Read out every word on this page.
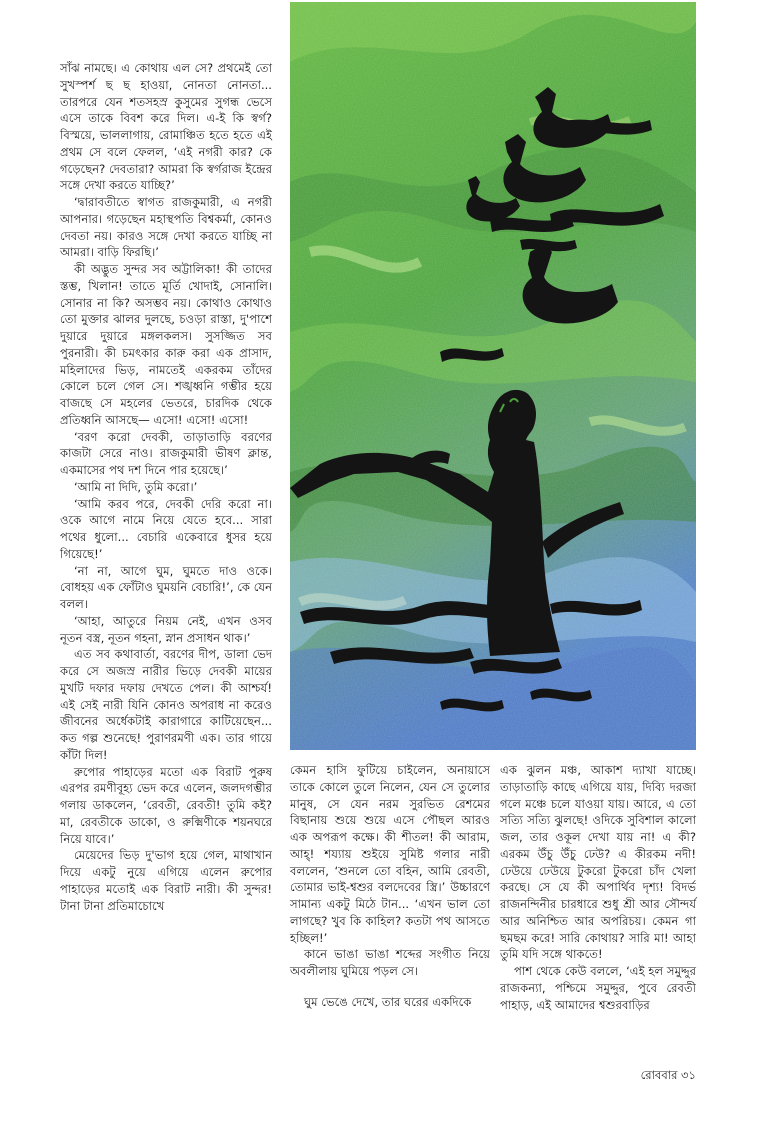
সাঁঝ নামছে। এ কোথায় এল সে? প্রথমেই তো সুখস্পর্শ ছ ছ হাওয়া, নোনতা নোনতা... তারপরে যেন শতসহস্র কুসুমের সুগন্ধ ভেসে এসে তাকে বিবশ করে দিল। এ-ই কি স্বর্গ? বিস্ময়ে, ভাললাগায়, রোমাঞ্চিত হতে হতে এই প্রথম সে বলে ফেলল, ‘এই নগরী কার? কে গড়েছেন? দেবতারা? আমরা কি স্বর্গরাজ ইন্দ্রের সঙ্গে দেখা করতে যাচ্ছি?’

‘দ্বারাবতীতে স্বাগত রাজকুমারী, এ নগরী আপনার। গড়েছেন মহাস্থপতি বিশ্বকর্মা, কোনও দেবতা নয়। কারও সঙ্গে দেখা করতে যাচ্ছি না আমরা। বাড়ি ফিরছি।’

কী অদ্ভুত সুন্দর সব অট্টালিকা! কী তাদের স্তম্ভ, খিলান! তাতে মূর্তি খোদাই, সোনালি। সোনার না কি? অসম্ভব নয়। কোথাও কোথাও তো মুক্তার ঝালর দুলছে, চওড়া রাস্তা, দু'পাশে দুয়ারে দুয়ারে মঙ্গলকলস। সুসজ্জিত সব পুরনারী। কী চমৎকার কারু করা এক প্রাসাদ, মহিলাদের ভিড়, নামতেই একরকম তাঁদের কোলে চলে গেল সে। শঙ্খধ্বনি গম্ভীর হয়ে বাজছে সে মহলের ভেতরে, চারদিক থেকে প্রতিধ্বনি আসছে— এসো! এসো! এসো!

‘বরণ করো দেবকী, তাড়াতাড়ি বরণের কাজটা সেরে নাও। রাজকুমারী ভীষণ ক্লান্ত, একমাসের পথ দশ দিনে পার হয়েছে।’

‘আমি না দিদি, তুমি করো।’

‘আমি করব পরে, দেবকী দেরি করো না। ওকে আগে নামে নিয়ে যেতে হবে... সারা পথের ধুলো... বেচারি একেবারে ধুসর হয়ে গিয়েছে!’

‘না না, আগে ঘুম, ঘুমতে দাও ওকে। বোধহয় এক ফোঁটাও ঘুময়নি বেচারি!’, কে যেন বলল।

‘আহা, আতুরে নিয়ম নেই, এখন ওসব নূতন বস্ত্র, নূতন গহনা, স্নান প্রসাধন থাক।’

এত সব কথাবার্তা, বরণের দীপ, ডালা ভেদ করে সে অজস্র নারীর ভিড়ে দেবকী মায়ের মুখটি দফার দফায় দেখতে পেল। কী আশ্চর্য! এই সেই নারী যিনি কোনও অপরাধ না করেও জীবনের অর্ধেকটাই কারাগারে কাটিয়েছেন... কত গল্প শুনেছে! পুরাণরমণী এক। তার গায়ে কাঁটা দিল!

রুপোর পাহাড়ের মতো এক বিরাট পুরুষ এরপর রমণীবূহ্য ভেদ করে এলেন, জলদগম্ভীর গলায় ডাকলেন, ‘রেবতী, রেবতী! তুমি কই? মা, রেবতীকে ডাকো, ও রুক্মিণীকে শয়নঘরে নিয়ে যাবে।’

মেয়েদের ভিড় দু'ভাগ হয়ে গেল, মাথাখান দিয়ে একটু নুয়ে এগিয়ে এলেন রুপোর পাহাড়ের মতোই এক বিরাট নারী। কী সুন্দর! টানা টানা প্রতিমাচোখে

কেমন হাসি ফুটিয়ে চাইলেন, অনায়াসে তাকে কোলে তুলে নিলেন, যেন সে তুলোর মানুষ, সে যেন নরম সুরভিত রেশমের বিছানায় শুয়ে শুয়ে এসে পৌছল আরও এক অপরূপ কক্ষে। কী শীতল! কী আরাম, আহ্! শয্যায় শুইয়ে সুমিষ্ট গলার নারী বললেন, ‘শুনলে তো বহিন, আমি রেবতী, তোমার ভাই-শ্বশুর বলদেবের স্ত্রি।’ উচ্চারণে সামান্য একটু মিঠে টান... ‘এখন ভাল তো লাগছে? খুব কি কাহিল? কতটা পথ আসতে হচ্ছিল!’

কানে ভাঙা ভাঙা শব্দের সংগীত নিয়ে অবলীলায় ঘুমিয়ে পড়ল সে।

ঘুম ভেঙে দেখে, তার ঘরের একদিকে

এক ঝুলন মঞ্চ, আকাশ দ্যাখা যাচ্ছে। তাড়াতাড়ি কাছে এগিয়ে যায়, দিব্যি দরজা গলে মঞ্চে চলে যাওয়া যায়। আরে, এ তো সত্যি সত্যি ঝুলছে! ওদিকে সুবিশাল কালো জল, তার ওকূল দেখা যায় না! এ কী? এরকম উঁচু উঁচু ঢেউ? এ কীরকম নদী! ঢেউয়ে ঢেউয়ে টুকরো টুকরো চাঁদ খেলা করছে। সে যে কী অপার্থিব দৃশ্য! বিদর্ভ রাজনন্দিনীর চারধারে শুধু শ্রী আর সৌন্দর্য আর অনিশ্চিত আর অপরিচয়। কেমন গা ছমছম করে! সারি কোথায়? সারি মা! আহা তুমি যদি সঙ্গে থাকতে!

পাশ থেকে কেউ বললে, ‘এই হল সমুদ্দুর রাজকন্যা, পশ্চিমে সমুদ্দুর, পুবে রেবতী পাহাড়, এই আমাদের শ্বশুরবাড়ির

রোববার ৩১
